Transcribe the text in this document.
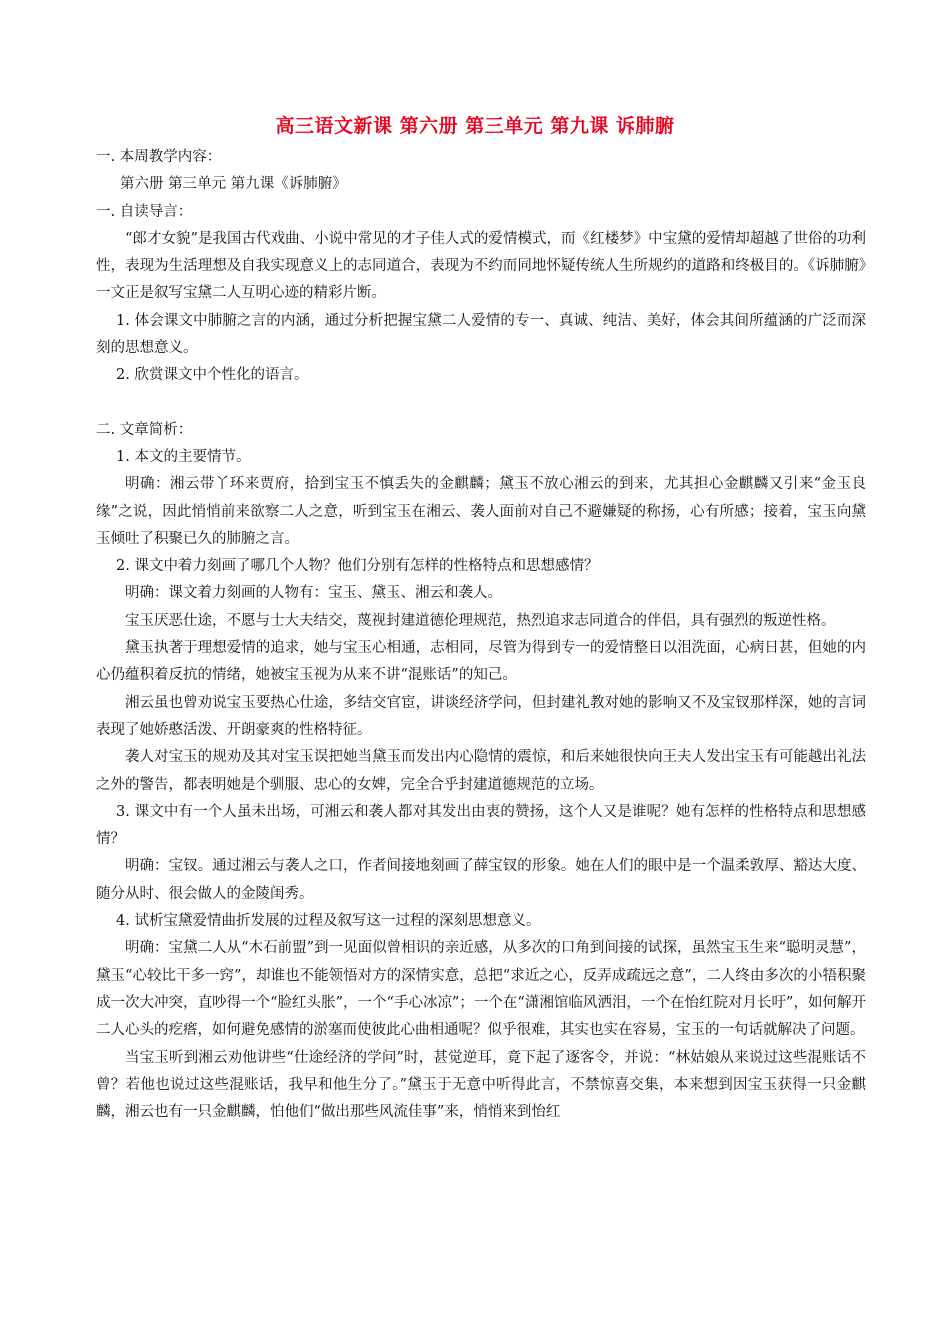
高三语文新课 第六册 第三单元 第九课 诉肺腑

一. 本周教学内容：

第六册 第三单元 第九课《诉肺腑》

一. 自读导言：

“郎才女貌”是我国古代戏曲、小说中常见的才子佳人式的爱情模式，而《红楼梦》中宝黛的爱情却超越了世俗的功利性，表现为生活理想及自我实现意义上的志同道合，表现为不约而同地怀疑传统人生所规约的道路和终极目的。《诉肺腑》一文正是叙写宝黛二人互明心迹的精彩片断。

1. 体会课文中肺腑之言的内涵，通过分析把握宝黛二人爱情的专一、真诚、纯洁、美好，体会其间所蕴涵的广泛而深刻的思想意义。

2. 欣赏课文中个性化的语言。

二. 文章简析：

1. 本文的主要情节。

明确：湘云带丫环来贾府，拾到宝玉不慎丢失的金麒麟；黛玉不放心湘云的到来，尤其担心金麒麟又引来“金玉良缘”之说，因此悄悄前来欲察二人之意，听到宝玉在湘云、袭人面前对自己不避嫌疑的称扬，心有所感；接着，宝玉向黛玉倾吐了积聚已久的肺腑之言。

2. 课文中着力刻画了哪几个人物？他们分别有怎样的性格特点和思想感情？

明确：课文着力刻画的人物有：宝玉、黛玉、湘云和袭人。

宝玉厌恶仕途，不愿与士大夫结交，蔑视封建道德伦理规范，热烈追求志同道合的伴侣，具有强烈的叛逆性格。

黛玉执著于理想爱情的追求，她与宝玉心相通，志相同，尽管为得到专一的爱情整日以泪洗面，心病日甚，但她的内心仍蕴积着反抗的情绪，她被宝玉视为从来不讲“混账话”的知己。

湘云虽也曾劝说宝玉要热心仕途，多结交官宦，讲谈经济学问，但封建礼教对她的影响又不及宝钗那样深，她的言词表现了她娇憨活泼、开朗豪爽的性格特征。

袭人对宝玉的规劝及其对宝玉误把她当黛玉而发出内心隐情的震惊，和后来她很快向王夫人发出宝玉有可能越出礼法之外的警告，都表明她是个驯服、忠心的女婢，完全合乎封建道德规范的立场。

3. 课文中有一个人虽未出场，可湘云和袭人都对其发出由衷的赞扬，这个人又是谁呢？她有怎样的性格特点和思想感情？

明确：宝钗。通过湘云与袭人之口，作者间接地刻画了薛宝钗的形象。她在人们的眼中是一个温柔敦厚、豁达大度、随分从时、很会做人的金陵闺秀。

4. 试析宝黛爱情曲折发展的过程及叙写这一过程的深刻思想意义。

明确：宝黛二人从“木石前盟”到一见面似曾相识的亲近感，从多次的口角到间接的试探，虽然宝玉生来“聪明灵慧”，黛玉“心较比干多一窍”，却谁也不能领悟对方的深情实意，总把“求近之心，反弄成疏远之意”，二人终由多次的小牾积聚成一次大冲突，直吵得一个“脸红头胀”，一个“手心冰凉”；一个在“潇湘馆临风洒泪，一个在怡红院对月长吁”，如何解开二人心头的疙瘩，如何避免感情的淤塞而使彼此心曲相通呢？似乎很难，其实也实在容易，宝玉的一句话就解决了问题。

当宝玉听到湘云劝他讲些“仕途经济的学问”时，甚觉逆耳，竟下起了逐客令，并说：“林姑娘从来说过这些混账话不曾？若他也说过这些混账话，我早和他生分了。”黛玉于无意中听得此言，不禁惊喜交集，本来想到因宝玉获得一只金麒麟，湘云也有一只金麒麟，怕他们“做出那些风流佳事”来，悄悄来到怡红
